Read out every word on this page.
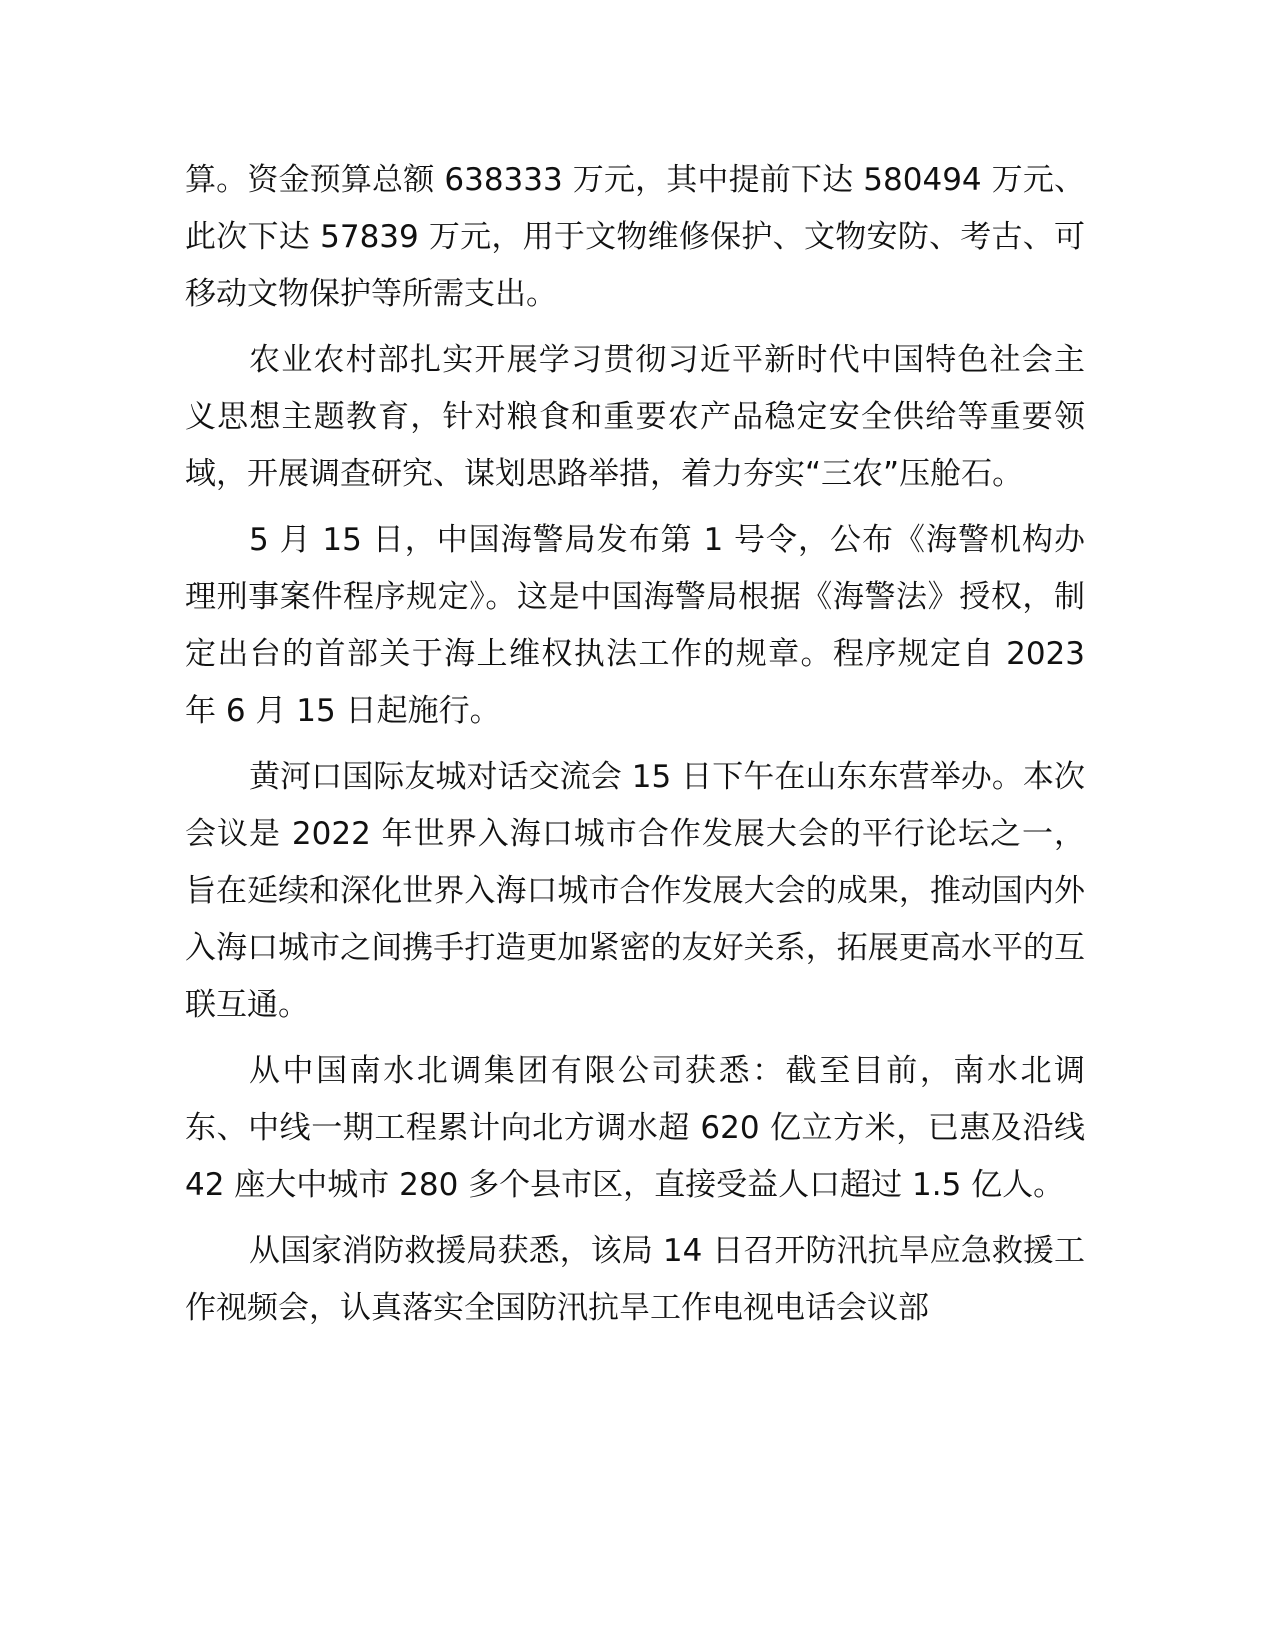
算。资金预算总额 638333 万元，其中提前下达 580494 万元、此次下达 57839 万元，用于文物维修保护、文物安防、考古、可移动文物保护等所需支出。

农业农村部扎实开展学习贯彻习近平新时代中国特色社会主义思想主题教育，针对粮食和重要农产品稳定安全供给等重要领域，开展调查研究、谋划思路举措，着力夯实“三农”压舱石。

5 月 15 日，中国海警局发布第 1 号令，公布《海警机构办理刑事案件程序规定》。这是中国海警局根据《海警法》授权，制定出台的首部关于海上维权执法工作的规章。程序规定自 2023 年 6 月 15 日起施行。

黄河口国际友城对话交流会 15 日下午在山东东营举办。本次会议是 2022 年世界入海口城市合作发展大会的平行论坛之一，旨在延续和深化世界入海口城市合作发展大会的成果，推动国内外入海口城市之间携手打造更加紧密的友好关系，拓展更高水平的互联互通。

从中国南水北调集团有限公司获悉：截至目前，南水北调东、中线一期工程累计向北方调水超 620 亿立方米，已惠及沿线 42 座大中城市 280 多个县市区，直接受益人口超过 1.5 亿人。

从国家消防救援局获悉，该局 14 日召开防汛抗旱应急救援工作视频会，认真落实全国防汛抗旱工作电视电话会议部
